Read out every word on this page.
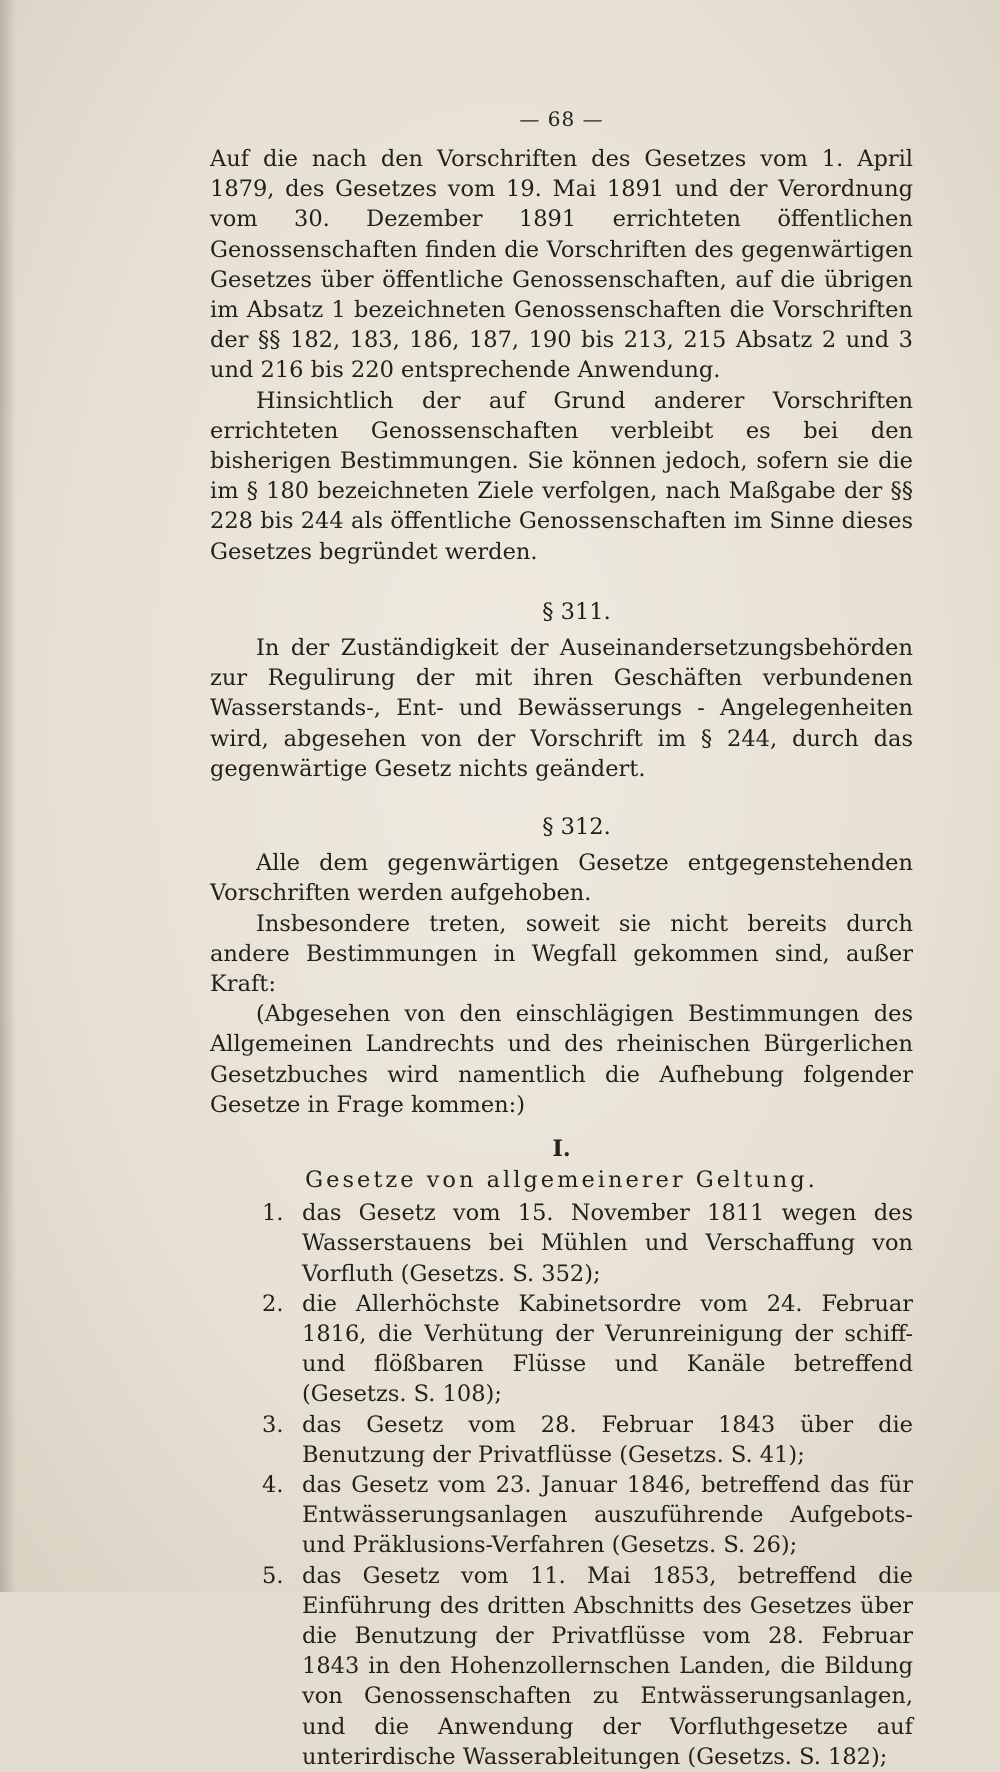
— 68 —

Auf die nach den Vorschriften des Gesetzes vom 1. April 1879, des Gesetzes vom 19. Mai 1891 und der Verordnung vom 30. Dezember 1891 errichteten öffentlichen Genossenschaften finden die Vorschriften des gegenwärtigen Gesetzes über öffentliche Genossenschaften, auf die übrigen im Absatz 1 bezeichneten Genossenschaften die Vorschriften der §§ 182, 183, 186, 187, 190 bis 213, 215 Absatz 2 und 3 und 216 bis 220 entsprechende Anwendung.

Hinsichtlich der auf Grund anderer Vorschriften errichteten Genossenschaften verbleibt es bei den bisherigen Bestimmungen. Sie können jedoch, sofern sie die im § 180 bezeichneten Ziele verfolgen, nach Maßgabe der §§ 228 bis 244 als öffentliche Genossenschaften im Sinne dieses Gesetzes begründet werden.

§ 311.

In der Zuständigkeit der Auseinandersetzungsbehörden zur Regulirung der mit ihren Geschäften verbundenen Wasserstands-, Ent- und Bewässerungs - Angelegenheiten wird, abgesehen von der Vorschrift im § 244, durch das gegenwärtige Gesetz nichts geändert.

§ 312.

Alle dem gegenwärtigen Gesetze entgegenstehenden Vorschriften werden aufgehoben.

Insbesondere treten, soweit sie nicht bereits durch andere Bestimmungen in Wegfall gekommen sind, außer Kraft:

(Abgesehen von den einschlägigen Bestimmungen des Allgemeinen Landrechts und des rheinischen Bürgerlichen Gesetzbuches wird namentlich die Aufhebung folgender Gesetze in Frage kommen:)

I.
Gesetze von allgemeinerer Geltung.
1. das Gesetz vom 15. November 1811 wegen des Wasserstauens bei Mühlen und Verschaffung von Vorfluth (Gesetzs. S. 352);
2. die Allerhöchste Kabinetsordre vom 24. Februar 1816, die Verhütung der Verunreinigung der schiff- und flößbaren Flüsse und Kanäle betreffend (Gesetzs. S. 108);
3. das Gesetz vom 28. Februar 1843 über die Benutzung der Privatflüsse (Gesetzs. S. 41);
4. das Gesetz vom 23. Januar 1846, betreffend das für Entwässerungsanlagen auszuführende Aufgebots- und Präklusions-Verfahren (Gesetzs. S. 26);
5. das Gesetz vom 11. Mai 1853, betreffend die Einführung des dritten Abschnitts des Gesetzes über die Benutzung der Privatflüsse vom 28. Februar 1843 in den Hohenzollernschen Landen, die Bildung von Genossenschaften zu Entwässerungsanlagen, und die Anwendung der Vorfluthgesetze auf unterirdische Wasserableitungen (Gesetzs. S. 182);
